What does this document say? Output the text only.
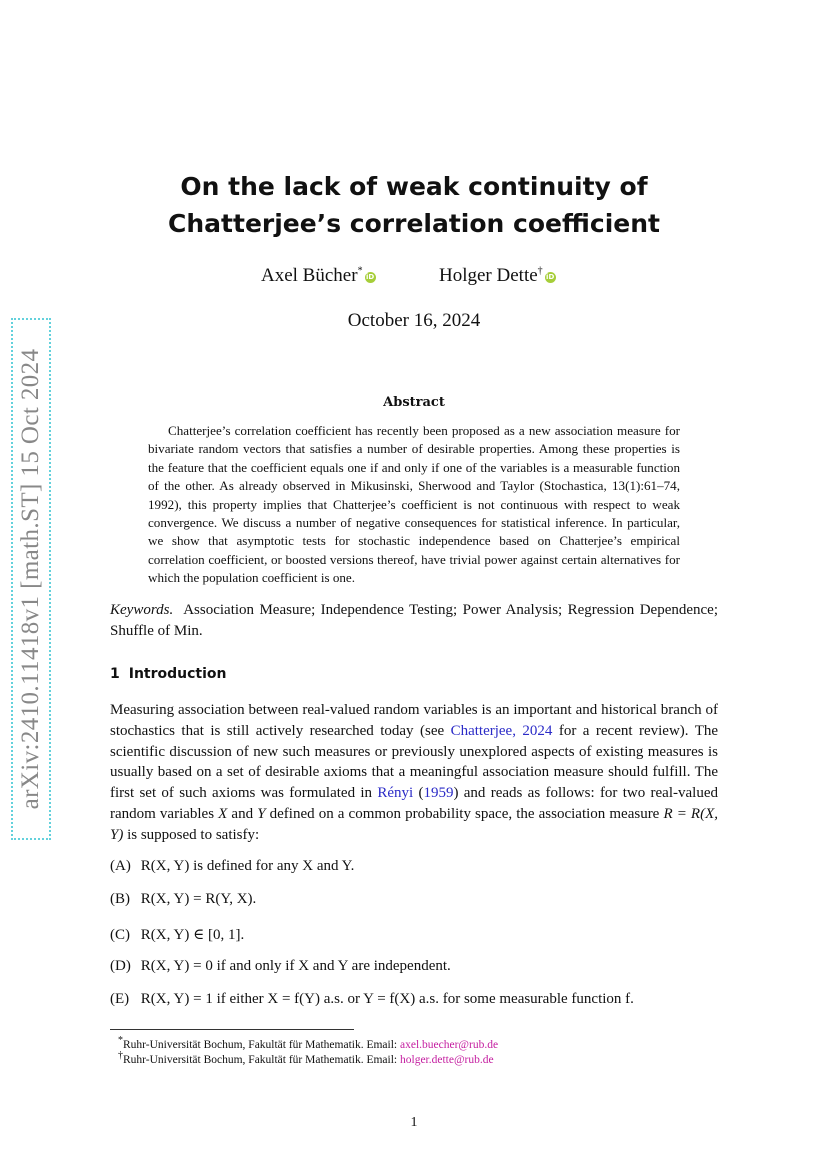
arXiv:2410.11418v1 [math.ST] 15 Oct 2024
On the lack of weak continuity of Chatterjee’s correlation coefficient
Axel Bücher*iD	Holger Dette†iD
October 16, 2024
Abstract

Chatterjee’s correlation coefficient has recently been proposed as a new association measure for bivariate random vectors that satisfies a number of desirable properties. Among these properties is the feature that the coefficient equals one if and only if one of the variables is a measurable function of the other. As already observed in Mikusinski, Sherwood and Taylor (Stochastica, 13(1):61–74, 1992), this property implies that Chatterjee’s coefficient is not continuous with respect to weak convergence. We discuss a number of negative consequences for statistical inference. In particular, we show that asymptotic tests for stochastic independence based on Chatterjee’s empirical correlation coefficient, or boosted versions thereof, have trivial power against certain alternatives for which the population coefficient is one.

Keywords. Association Measure; Independence Testing; Power Analysis; Regression Dependence; Shuffle of Min.

1 Introduction

Measuring association between real-valued random variables is an important and historical branch of stochastics that is still actively researched today (see Chatterjee, 2024 for a recent review). The scientific discussion of new such measures or previously unexplored aspects of existing measures is usually based on a set of desirable axioms that a meaningful association measure should fulfill. The first set of such axioms was formulated in Rényi (1959) and reads as follows: for two real-valued random variables X and Y defined on a common probability space, the association measure R = R(X, Y) is supposed to satisfy:

(A) R(X, Y) is defined for any X and Y.
(B) R(X, Y) = R(Y, X).
(C) R(X, Y) ∈ [0, 1].
(D) R(X, Y) = 0 if and only if X and Y are independent.
(E) R(X, Y) = 1 if either X = f(Y) a.s. or Y = f(X) a.s. for some measurable function f.
*Ruhr-Universität Bochum, Fakultät für Mathematik. Email: axel.buecher@rub.de
†Ruhr-Universität Bochum, Fakultät für Mathematik. Email: holger.dette@rub.de
1
